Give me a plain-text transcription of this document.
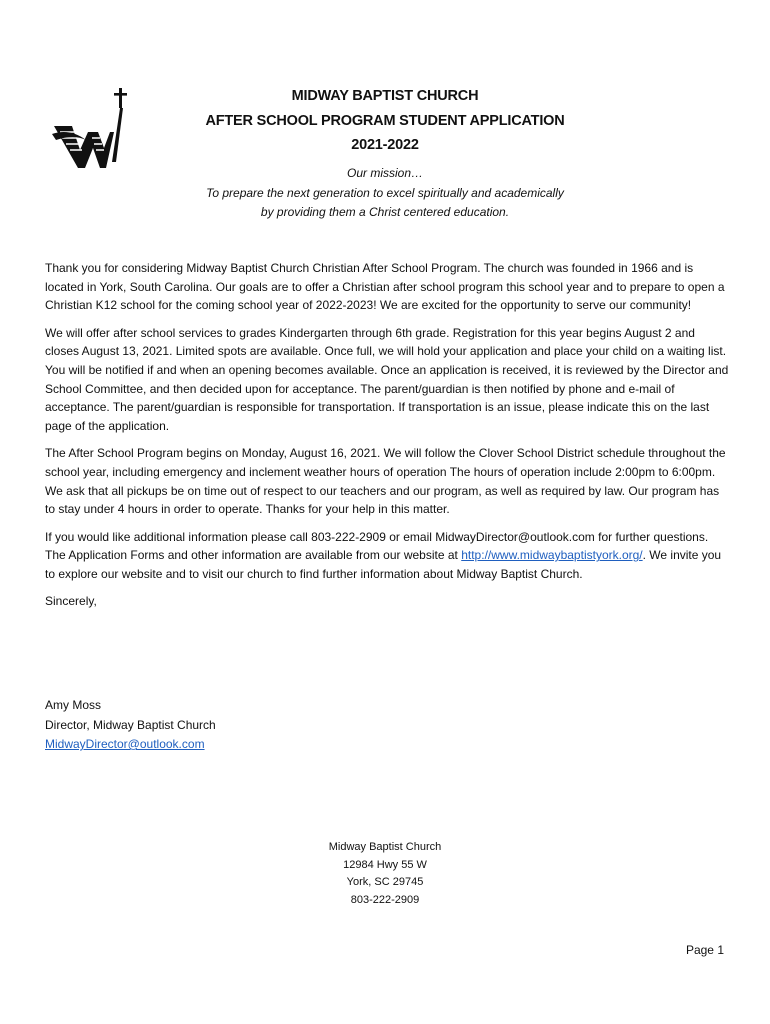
MIDWAY BAPTIST CHURCH

AFTER SCHOOL PROGRAM STUDENT APPLICATION

2021-2022

Our mission…
To prepare the next generation to excel spiritually and academically
by providing them a Christ centered education.

Thank you for considering Midway Baptist Church Christian After School Program. The church was founded in 1966 and is located in York, South Carolina. Our goals are to offer a Christian after school program this school year and to prepare to open a Christian K12 school for the coming school year of 2022-2023! We are excited for the opportunity to serve our community!

We will offer after school services to grades Kindergarten through 6th grade. Registration for this year begins August 2 and closes August 13, 2021. Limited spots are available. Once full, we will hold your application and place your child on a waiting list. You will be notified if and when an opening becomes available. Once an application is received, it is reviewed by the Director and School Committee, and then decided upon for acceptance. The parent/guardian is then notified by phone and e-mail of acceptance. The parent/guardian is responsible for transportation. If transportation is an issue, please indicate this on the last page of the application.

The After School Program begins on Monday, August 16, 2021. We will follow the Clover School District schedule throughout the school year, including emergency and inclement weather hours of operation The hours of operation include 2:00pm to 6:00pm. We ask that all pickups be on time out of respect to our teachers and our program, as well as required by law. Our program has to stay under 4 hours in order to operate. Thanks for your help in this matter.

If you would like additional information please call 803-222-2909 or email MidwayDirector@outlook.com for further questions. The Application Forms and other information are available from our website at http://www.midwaybaptistyork.org/. We invite you to explore our website and to visit our church to find further information about Midway Baptist Church.

Sincerely,

Amy Moss
Director, Midway Baptist Church
MidwayDirector@outlook.com
Midway Baptist Church
12984 Hwy 55 W
York, SC 29745
803-222-2909
Page 1
